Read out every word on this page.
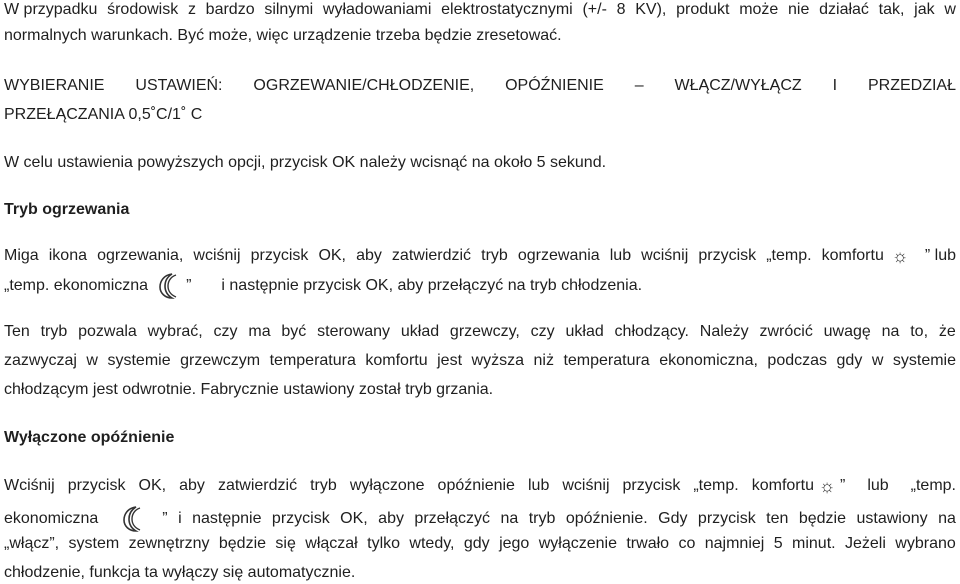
W przypadku środowisk z bardzo silnymi wyładowaniami elektrostatycznymi (+/- 8 KV), produkt może nie działać tak, jak w
normalnych warunkach. Być może, więc urządzenie trzeba będzie zresetować.
WYBIERANIE USTAWIEŃ: OGRZEWANIE/CHŁODZENIE, OPÓŹNIENIE – WŁĄCZ/WYŁĄCZ I PRZEDZIAŁ
PRZEŁĄCZANIA 0,5˚C/1˚ C
W celu ustawienia powyższych opcji, przycisk OK należy wcisnąć na około 5 sekund.
Tryb ogrzewania
Miga ikona ogrzewania, wciśnij przycisk OK, aby zatwierdzić tryb ogrzewania lub wciśnij przycisk „temp. komfortu ☼	” lub
„temp. ekonomiczna ” i następnie przycisk OK, aby przełączyć na tryb chłodzenia.
Ten tryb pozwala wybrać, czy ma być sterowany układ grzewczy, czy układ chłodzący. Należy zwrócić uwagę na to, że
zazwyczaj w systemie grzewczym temperatura komfortu jest wyższa niż temperatura ekonomiczna, podczas gdy w systemie
chłodzącym jest odwrotnie. Fabrycznie ustawiony został tryb grzania.
Wyłączone opóźnienie
Wciśnij przycisk OK, aby zatwierdzić tryb wyłączone opóźnienie lub wciśnij przycisk „temp. komfortu ☼ ” lub „temp.
ekonomiczna	” i następnie przycisk OK, aby przełączyć na tryb opóźnienie. Gdy przycisk ten będzie ustawiony na
„włącz”, system zewnętrzny będzie się włączał tylko wtedy, gdy jego wyłączenie trwało co najmniej 5 minut. Jeżeli wybrano
chłodzenie, funkcja ta wyłączy się automatycznie.
